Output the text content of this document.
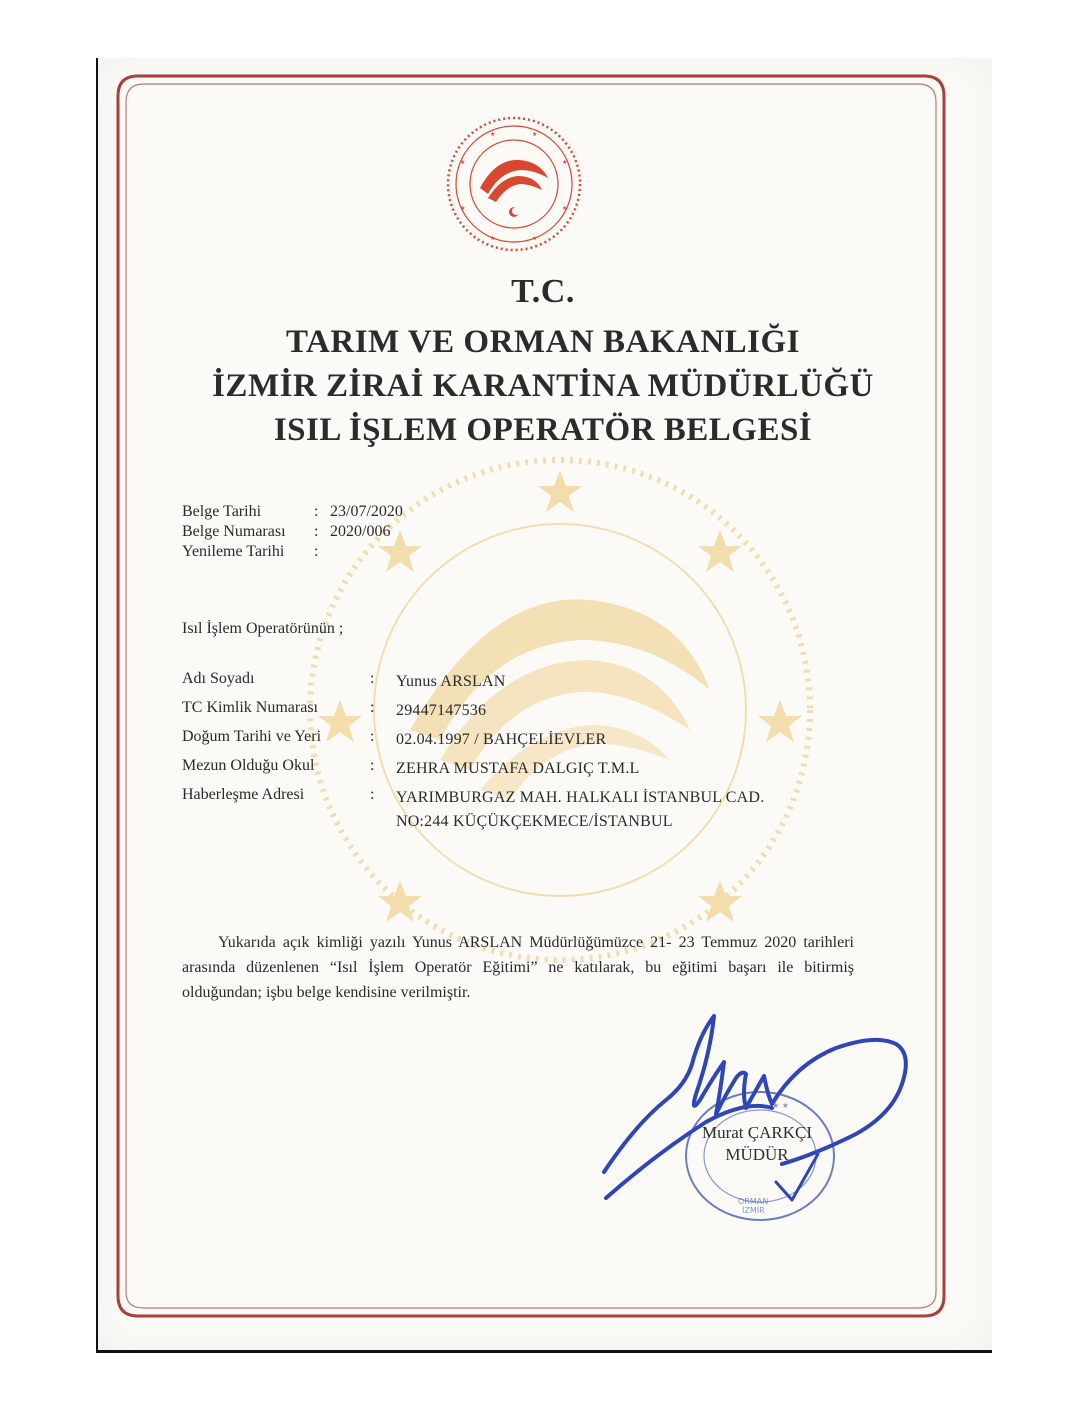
★	★
★	★
★	★
★	★
T.C.
TARIM VE ORMAN BAKANLIĞI
İZMİR ZİRAİ KARANTİNA MÜDÜRLÜĞÜ
ISIL İŞLEM OPERATÖR BELGESİ
Belge Tarihi	: 23/07/2020
Belge Numarası	: 2020/006
Yenileme Tarihi	:
Isıl İşlem Operatörünün ;
Adı Soyadı	:	Yunus ARSLAN
TC Kimlik Numarası	:	29447147536
Doğum Tarihi ve Yeri	:	02.04.1997 / BAHÇELİEVLER
Mezun Olduğu Okul	:	ZEHRA MUSTAFA DALGIÇ T.M.L
Haberleşme Adresi	:	YARIMBURGAZ MAH. HALKALI İSTANBUL CAD.
NO:244 KÜÇÜKÇEKMECE/İSTANBUL
Yukarıda açık kimliği yazılı Yunus ARSLAN Müdürlüğümüzce 21- 23 Temmuz 2020 tarihleri arasında düzenlenen “Isıl İşlem Operatör Eğitimi” ne katılarak, bu eğitimi başarı ile bitirmiş olduğundan; işbu belge kendisine verilmiştir.
ORMAN
İZMİR
★ ★
Murat ÇARKÇI
MÜDÜR
